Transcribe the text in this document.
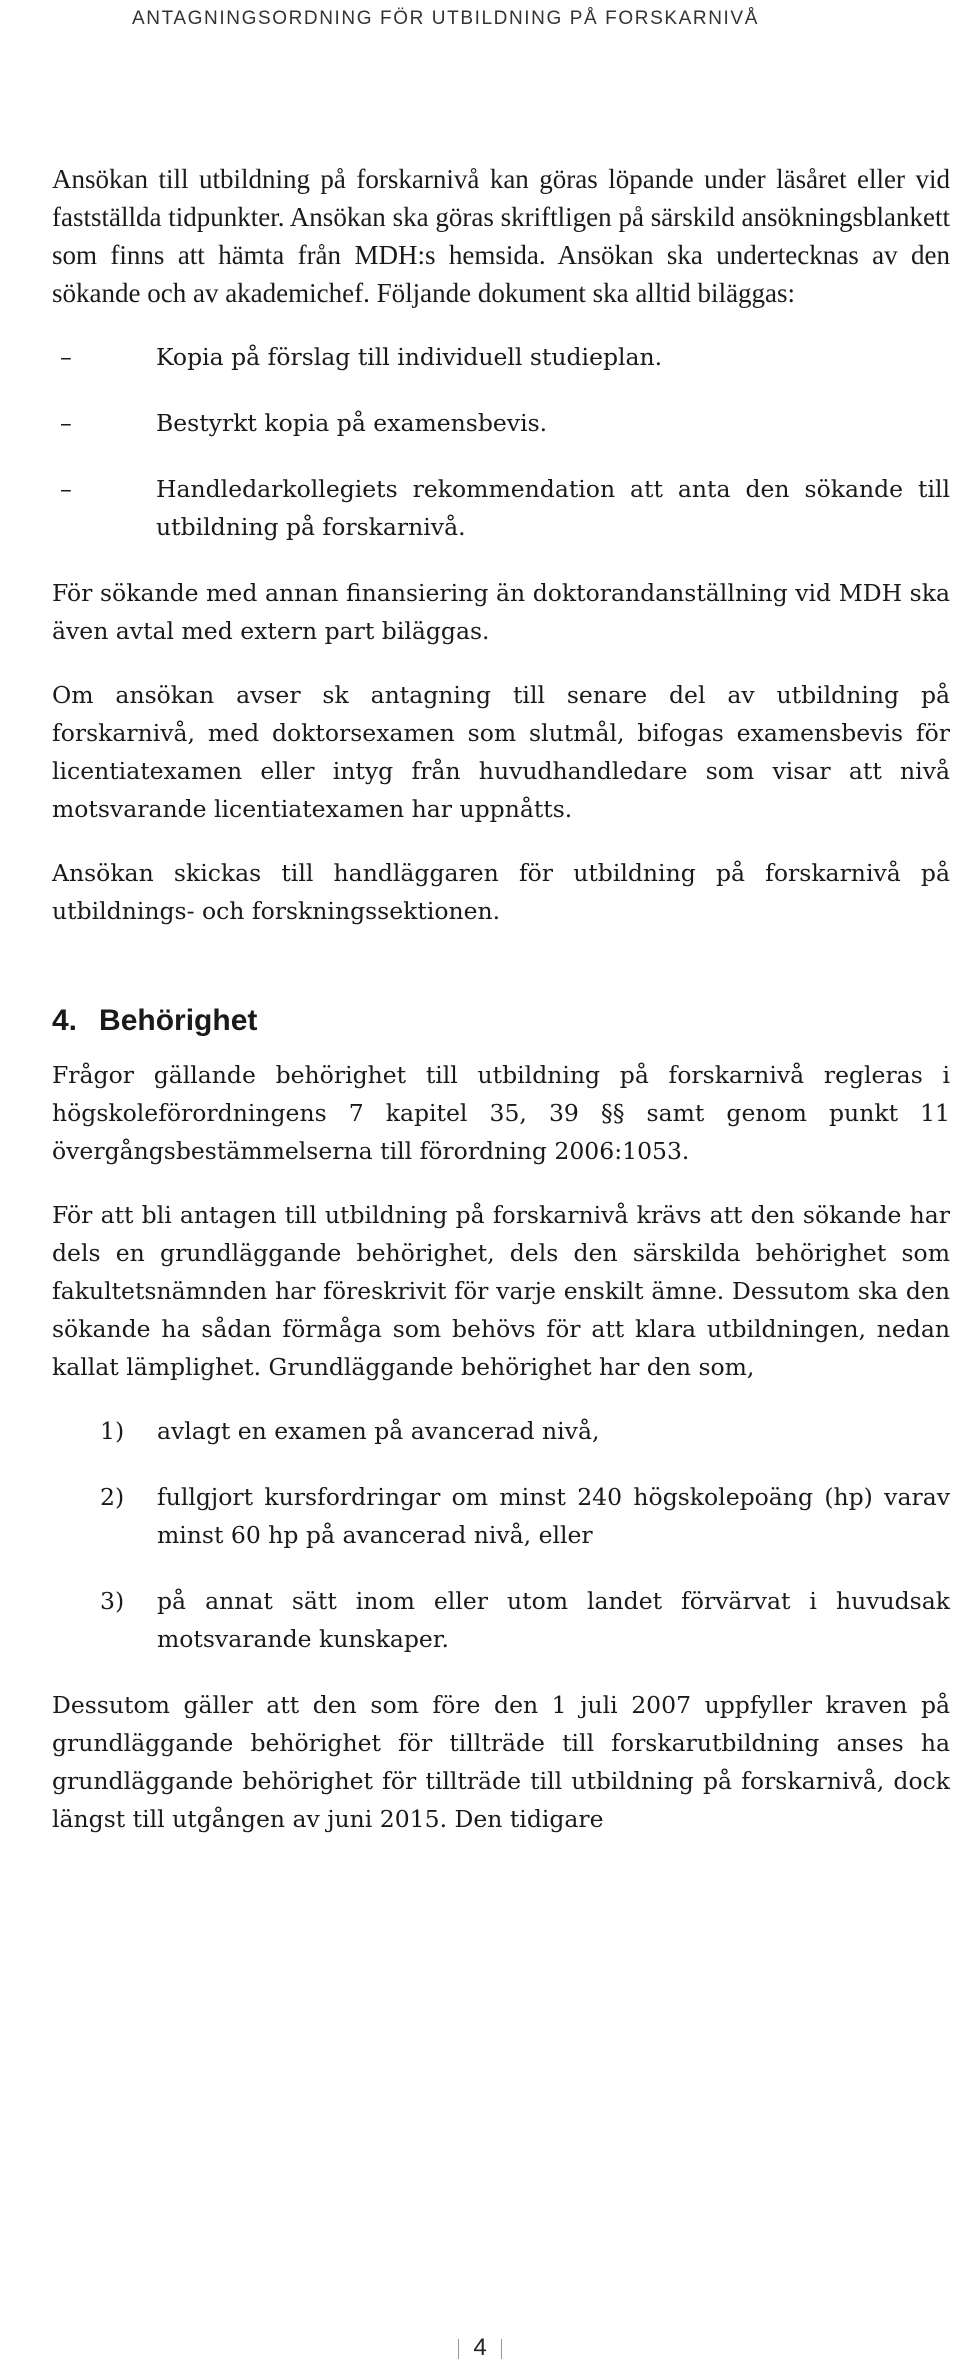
ANTAGNINGSORDNING FÖR UTBILDNING PÅ FORSKARNIVÅ

Ansökan till utbildning på forskarnivå kan göras löpande under läsåret eller vid fastställda tidpunkter. Ansökan ska göras skriftligen på särskild ansökningsblankett som finns att hämta från MDH:s hemsida. Ansökan ska undertecknas av den sökande och av akademichef. Följande dokument ska alltid biläggas:

–	Kopia på förslag till individuell studieplan.
–	Bestyrkt kopia på examensbevis.
–	Handledarkollegiets rekommendation att anta den sökande till utbildning på forskarnivå.

För sökande med annan finansiering än doktorandanställning vid MDH ska även avtal med extern part biläggas.

Om ansökan avser sk antagning till senare del av utbildning på forskarnivå, med doktorsexamen som slutmål, bifogas examensbevis för licentiatexamen eller intyg från huvudhandledare som visar att nivå motsvarande licentiatexamen har uppnåtts.

Ansökan skickas till handläggaren för utbildning på forskarnivå på utbildnings- och forskningssektionen.

4. Behörighet

Frågor gällande behörighet till utbildning på forskarnivå regleras i högskoleförordningens 7 kapitel 35, 39 §§ samt genom punkt 11 övergångsbestämmelserna till förordning 2006:1053.

För att bli antagen till utbildning på forskarnivå krävs att den sökande har dels en grundläggande behörighet, dels den särskilda behörighet som fakultetsnämnden har föreskrivit för varje enskilt ämne. Dessutom ska den sökande ha sådan förmåga som behövs för att klara utbildningen, nedan kallat lämplighet. Grundläggande behörighet har den som,

1) avlagt en examen på avancerad nivå,
2) fullgjort kursfordringar om minst 240 högskolepoäng (hp) varav minst 60 hp på avancerad nivå, eller
3) på annat sätt inom eller utom landet förvärvat i huvudsak motsvarande kunskaper.

Dessutom gäller att den som före den 1 juli 2007 uppfyller kraven på grundläggande behörighet för tillträde till forskarutbildning anses ha grundläggande behörighet för tillträde till utbildning på forskarnivå, dock längst till utgången av juni 2015. Den tidigare

4
